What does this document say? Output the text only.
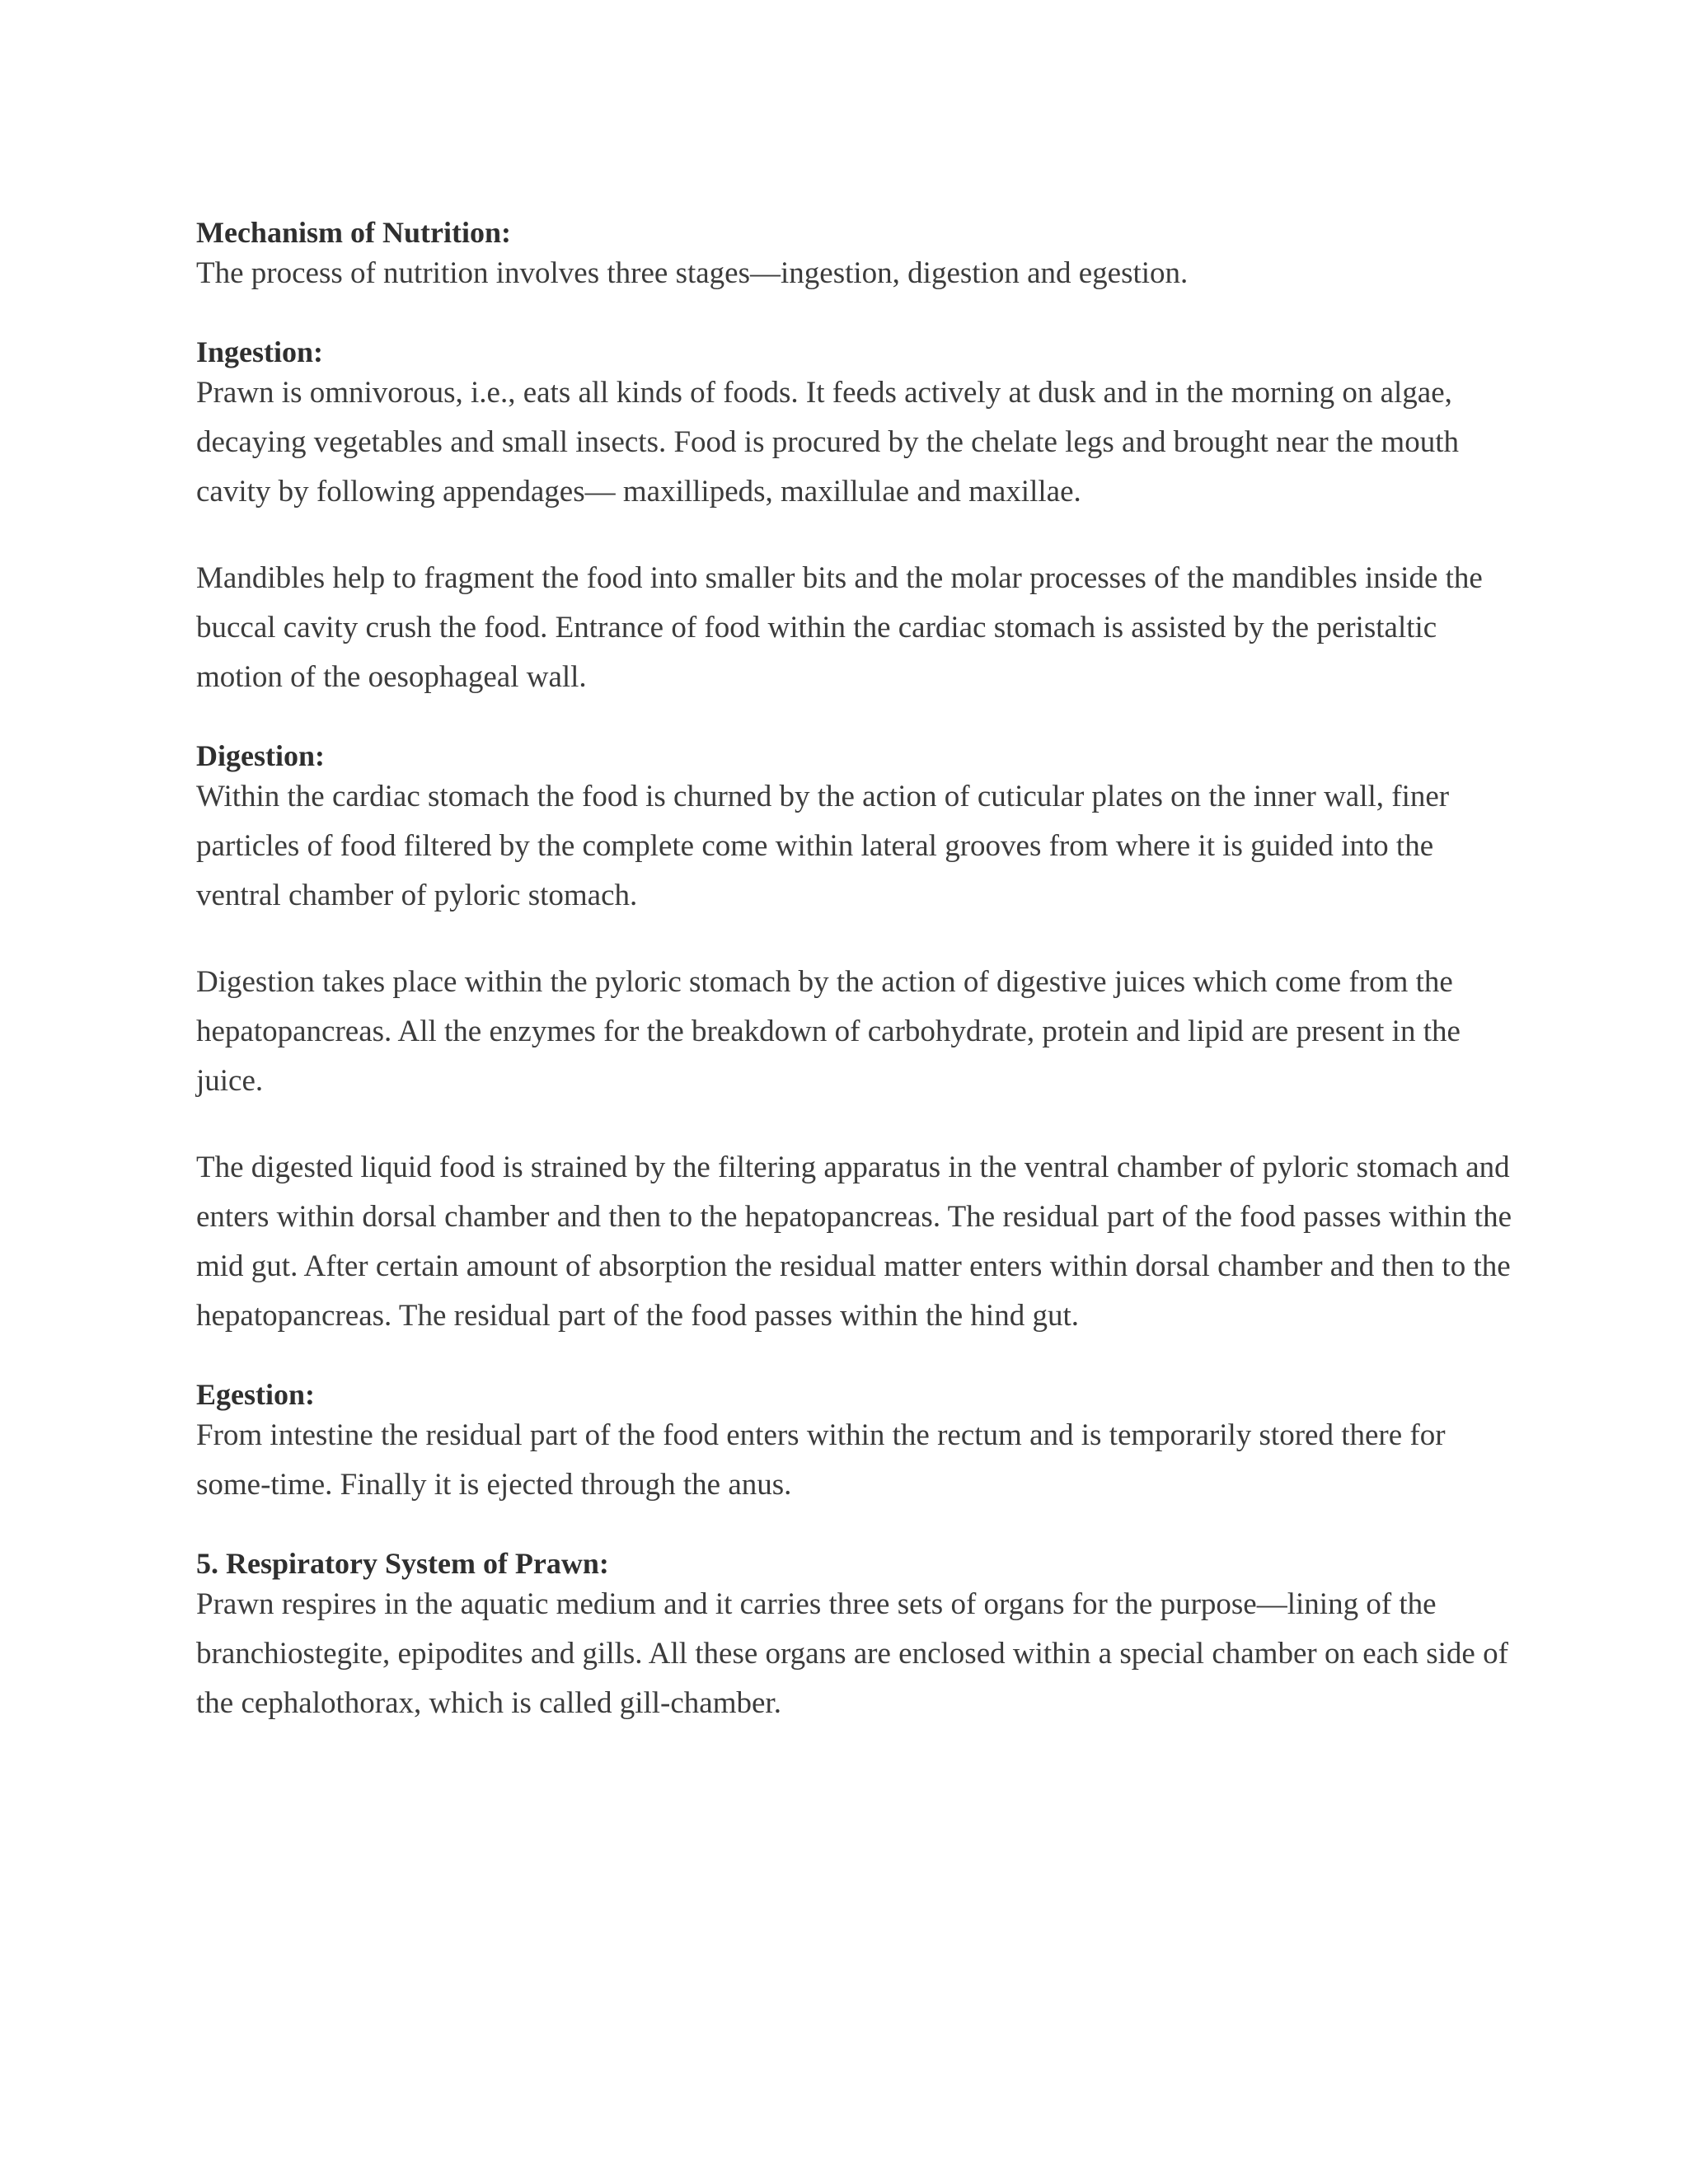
Mechanism of Nutrition:

The process of nutrition involves three stages—ingestion, digestion and egestion.

Ingestion:

Prawn is omnivorous, i.e., eats all kinds of foods. It feeds actively at dusk and in the morning on algae, decaying vegetables and small insects. Food is procured by the chelate legs and brought near the mouth cavity by following appendages— maxillipeds, maxillulae and maxillae.

Mandibles help to fragment the food into smaller bits and the molar processes of the mandibles inside the buccal cavity crush the food. Entrance of food within the cardiac stomach is assisted by the peristaltic motion of the oesophageal wall.

Digestion:

Within the cardiac stomach the food is churned by the action of cuticular plates on the inner wall, finer particles of food filtered by the complete come within lateral grooves from where it is guided into the ventral chamber of pyloric stomach.

Digestion takes place within the pyloric stomach by the action of digestive juices which come from the hepatopancreas. All the enzymes for the breakdown of carbohydrate, protein and lipid are present in the juice.

The digested liquid food is strained by the filtering apparatus in the ventral chamber of pyloric stomach and enters within dorsal chamber and then to the hepatopancreas. The residual part of the food passes within the mid gut. After certain amount of absorption the residual matter enters within dorsal chamber and then to the hepatopancreas. The residual part of the food passes within the hind gut.

Egestion:

From intestine the residual part of the food enters within the rectum and is temporarily stored there for some-time. Finally it is ejected through the anus.

5. Respiratory System of Prawn:

Prawn respires in the aquatic medium and it carries three sets of organs for the purpose—lining of the branchiostegite, epipodites and gills. All these organs are enclosed within a special chamber on each side of the cephalothorax, which is called gill-chamber.
